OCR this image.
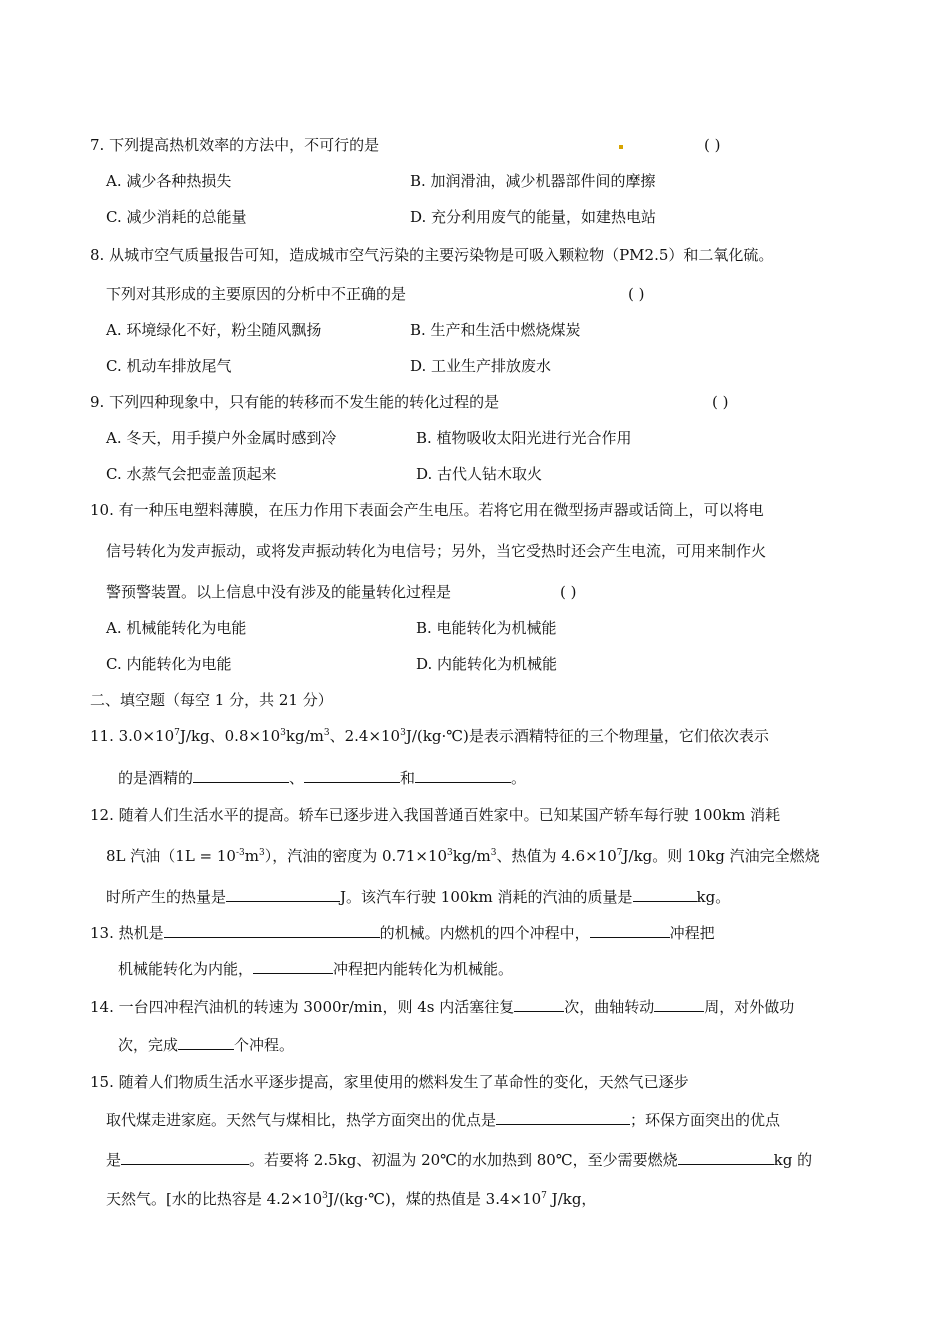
7. 下列提高热机效率的方法中，不可行的是	( )
A. 减少各种热损失	B. 加润滑油，减少机器部件间的摩擦
C. 减少消耗的总能量	D. 充分利用废气的能量，如建热电站
8. 从城市空气质量报告可知，造成城市空气污染的主要污染物是可吸入颗粒物（PM2.5）和二氧化硫。
下列对其形成的主要原因的分析中不正确的是	( )
A. 环境绿化不好，粉尘随风飘扬	B. 生产和生活中燃烧煤炭
C. 机动车排放尾气	D. 工业生产排放废水
9. 下列四种现象中，只有能的转移而不发生能的转化过程的是	( )
A. 冬天，用手摸户外金属时感到冷	B. 植物吸收太阳光进行光合作用
C. 水蒸气会把壶盖顶起来	D. 古代人钻木取火
10. 有一种压电塑料薄膜，在压力作用下表面会产生电压。若将它用在微型扬声器或话筒上，可以将电
信号转化为发声振动，或将发声振动转化为电信号；另外，当它受热时还会产生电流，可用来制作火
警预警装置。以上信息中没有涉及的能量转化过程是	( )
A. 机械能转化为电能	B. 电能转化为机械能
C. 内能转化为电能	D. 内能转化为机械能
二、填空题（每空 1 分，共 21 分）
11. $3.0\times 10^7J/kg$、$0.8\times 10^3kg/m^3$、$2.4\times 10^3J/(kg\cdot℃)$是表示酒精特征的三个物理量，它们依次表示
的是酒精的	、	和	。
12. 随着人们生活水平的提高。轿车已逐步进入我国普通百姓家中。已知某国产轿车每行驶 100km 消耗
8L 汽油$(1L = 10^{-3}m^3)$，汽油的密度为 $0.71\times 10^3kg/m^3$、热值为 $4.6\times 10^7J/kg$。则 10kg 汽油完全燃烧
时所产生的热量是	J。该汽车行驶 100km 消耗的汽油的质量是	kg。
13. 热机是	的机械。内燃机的四个冲程中，	冲程把
机械能转化为内能，	冲程把内能转化为机械能。
14. 一台四冲程汽油机的转速为 3000r/min，则 4s 内活塞往复	次，曲轴转动	周，对外做功
次，完成	个冲程。
15. 随着人们物质生活水平逐步提高，家里使用的燃料发生了革命性的变化，天然气已逐步
取代煤走进家庭。天然气与煤相比，热学方面突出的优点是	；环保方面突出的优点
是	。若要将 2.5kg、初温为 20℃的水加热到 80℃，至少需要燃烧	kg 的
天然气。[水的比热容是 $4.2\times 10^3J/(kg\cdot℃)$，煤的热值是 $3.4\times 10^7$ J/kg，
